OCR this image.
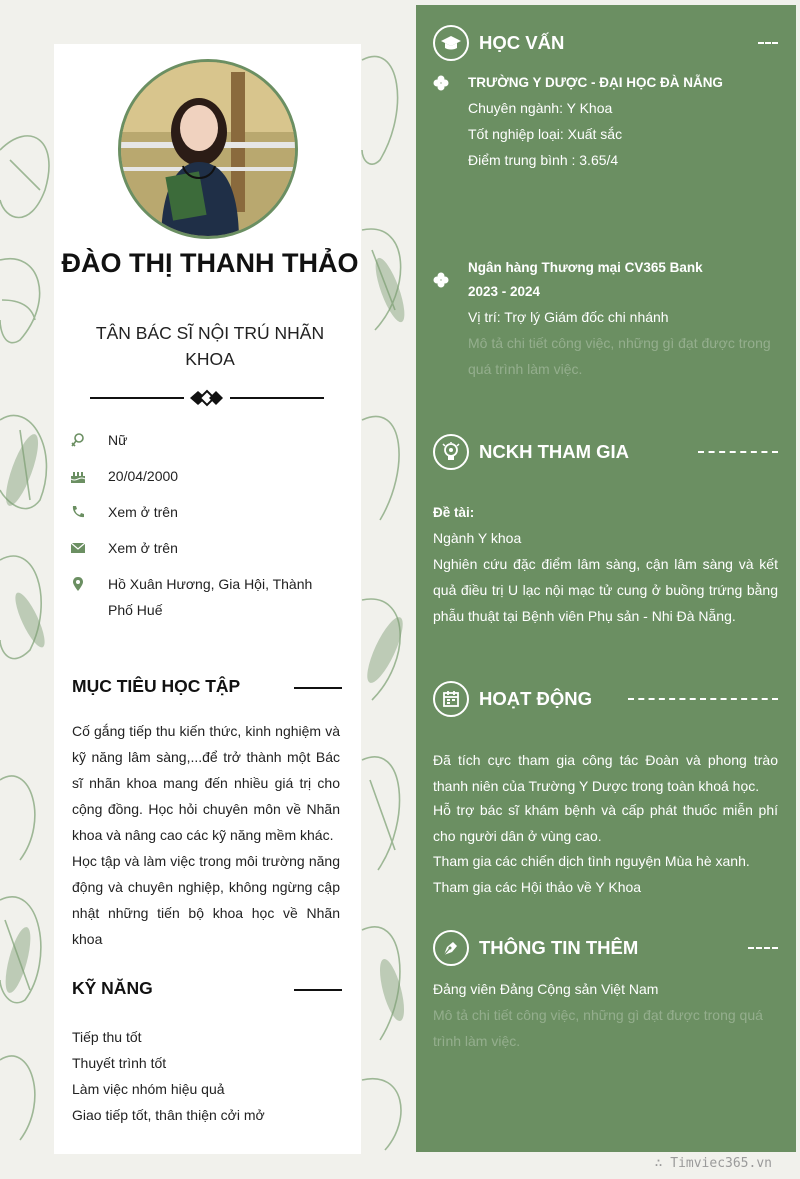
ĐÀO THỊ THANH THẢO
TÂN BÁC SĨ NỘI TRÚ NHÃN KHOA
Nữ
20/04/2000
Xem ở trên
Xem ở trên
Hồ Xuân Hương, Gia Hội, Thành Phố Huế
MỤC TIÊU HỌC TẬP
Cố gắng tiếp thu kiến thức, kinh nghiệm và kỹ năng lâm sàng,...để trở thành một Bác sĩ nhãn khoa mang đến nhiều giá trị cho cộng đồng. Học hỏi chuyên môn về Nhãn khoa và nâng cao các kỹ năng mềm khác.
Học tập và làm việc trong môi trường năng động và chuyên nghiệp, không ngừng cập nhật những tiến bộ khoa học về Nhãn khoa
KỸ NĂNG
Tiếp thu tốt
Thuyết trình tốt
Làm việc nhóm hiệu quả
Giao tiếp tốt, thân thiện cởi mở
HỌC VẤN
TRƯỜNG Y DƯỢC - ĐẠI HỌC ĐÀ NẴNG
Chuyên ngành: Y Khoa
Tốt nghiệp loại: Xuất sắc
Điểm trung bình : 3.65/4
Ngân hàng Thương mại CV365 Bank
2023 - 2024
Vị trí: Trợ lý Giám đốc chi nhánh
Mô tả chi tiết công việc, những gì đạt được trong quá trình làm việc.
NCKH THAM GIA
Đề tài:
Ngành Y khoa
Nghiên cứu đặc điểm lâm sàng, cận lâm sàng và kết quả điều trị U lạc nội mạc tử cung ở buồng trứng bằng phẫu thuật tại Bệnh viên Phụ sản - Nhi Đà Nẵng.
HOẠT ĐỘNG
Đã tích cực tham gia công tác Đoàn và phong trào thanh niên của Trường Y Dược trong toàn khoá học.
Hỗ trợ bác sĩ khám bệnh và cấp phát thuốc miễn phí cho người dân ở vùng cao.
Tham gia các chiến dịch tình nguyện Mùa hè xanh.
Tham gia các Hội thảo về Y Khoa
THÔNG TIN THÊM
Đảng viên Đảng Cộng sản Việt Nam
Mô tả chi tiết công việc, những gì đạt được trong quá trình làm việc.
∴ Timviec365.vn
